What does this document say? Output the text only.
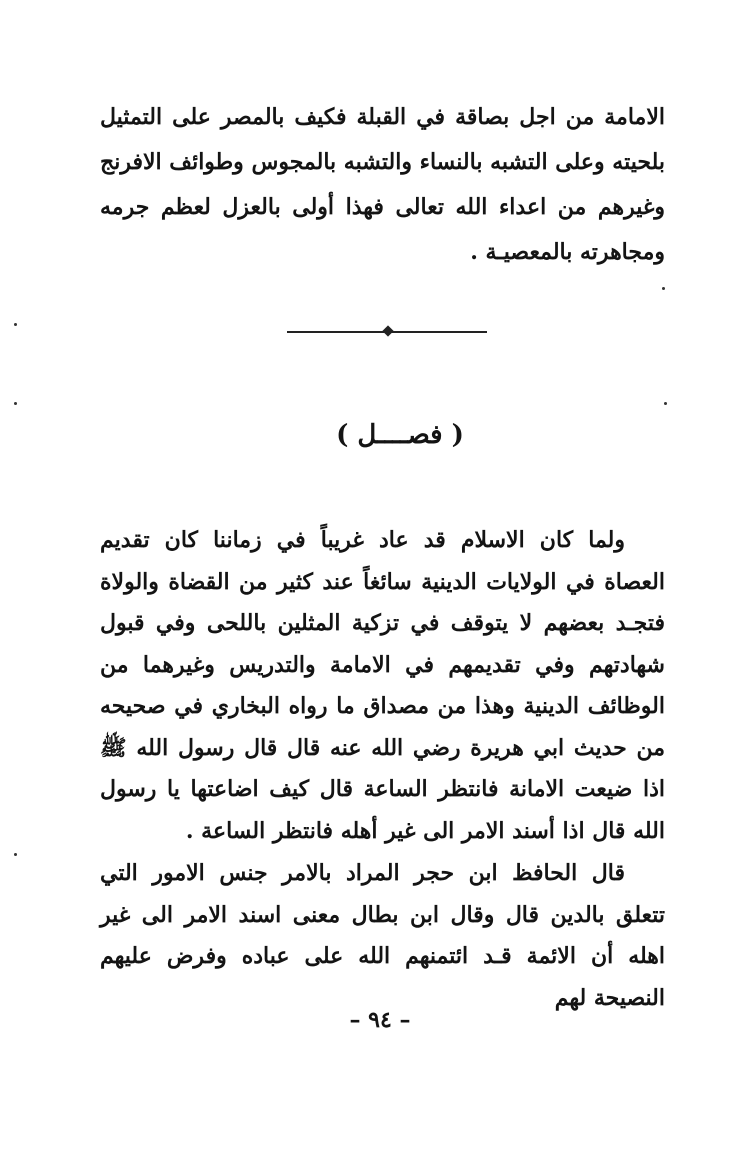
الامامة من اجل بصاقة في القبلة فكيف بالمصر على التمثيل بلحيته وعلى التشبه بالنساء والتشبه بالمجوس وطوائف الافرنج وغيرهم من اعداء الله تعالى فهذا أولى بالعزل لعظم جرمه ومجاهرته بالمعصيـة .
( فصــــل )
ولما كان الاسلام قد عاد غريباً في زماننا كان تقديم العصاة في الولايات الدينية سائغاً عند كثير من القضاة والولاة فتجـد بعضهم لا يتوقف في تزكية المثلين باللحى وفي قبول شهادتهم وفي تقديمهم في الامامة والتدريس وغيرهما من الوظائف الدينية وهذا من مصداق ما رواه البخاري في صحيحه من حديث ابي هريرة رضي الله عنه قال قال رسول الله ﷺ اذا ضيعت الامانة فانتظر الساعة قال كيف اضاعتها يا رسول الله قال اذا أسند الامر الى غير أهله فانتظر الساعة .
قال الحافظ ابن حجر المراد بالامر جنس الامور التي تتعلق بالدين قال وقال ابن بطال معنى اسند الامر الى غير اهله أن الائمة قـد ائتمنهم الله على عباده وفرض عليهم النصيحة لهم
– ٩٤ –
